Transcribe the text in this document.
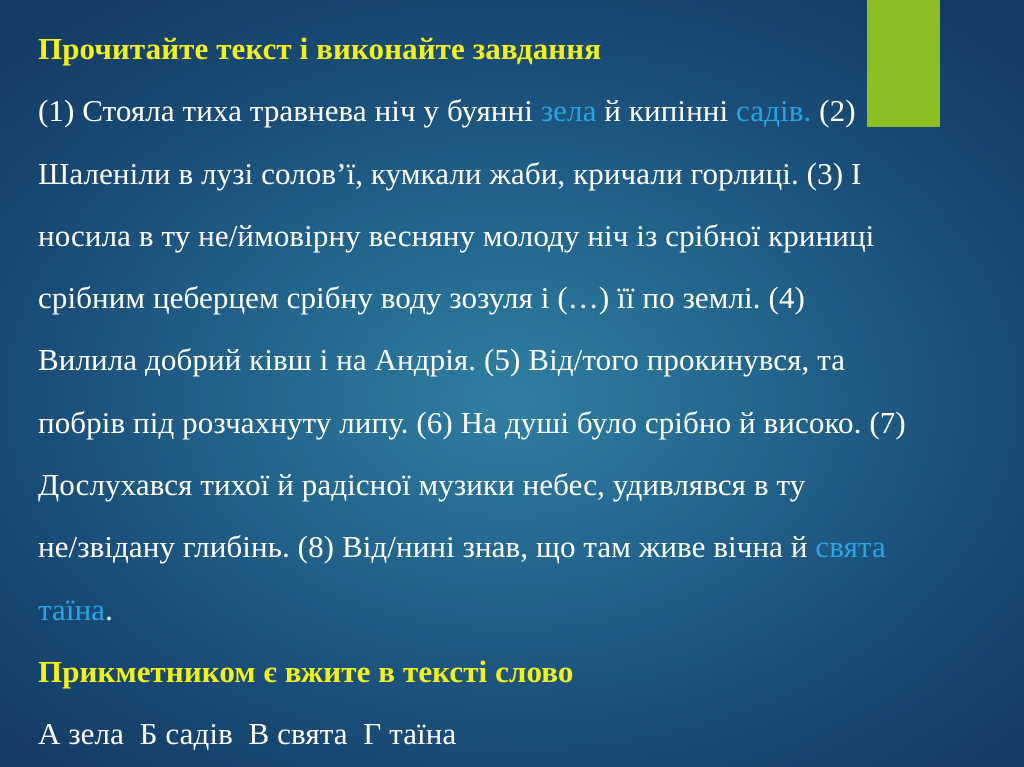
Прочитайте текст і виконайте завдання
(1) Стояла тиха травнева ніч у буянні зела й кипінні садів. (2)
Шаленіли в лузі солов’ї, кумкали жаби, кричали горлиці. (3) І
носила в ту не/ймовірну весняну молоду ніч із срібної криниці
срібним цеберцем срібну воду зозуля і (…) її по землі. (4)
Вилила добрий ківш і на Андрія. (5) Від/того прокинувся, та
побрів під розчахнуту липу. (6) На душі було срібно й високо. (7)
Дослухався тихої й радісної музики небес, удивлявся в ту
не/звідану глибінь. (8) Від/нині знав, що там живе вічна й свята
таїна.
Прикметником є вжите в тексті слово
А зела  Б садів  В свята  Г таїна
